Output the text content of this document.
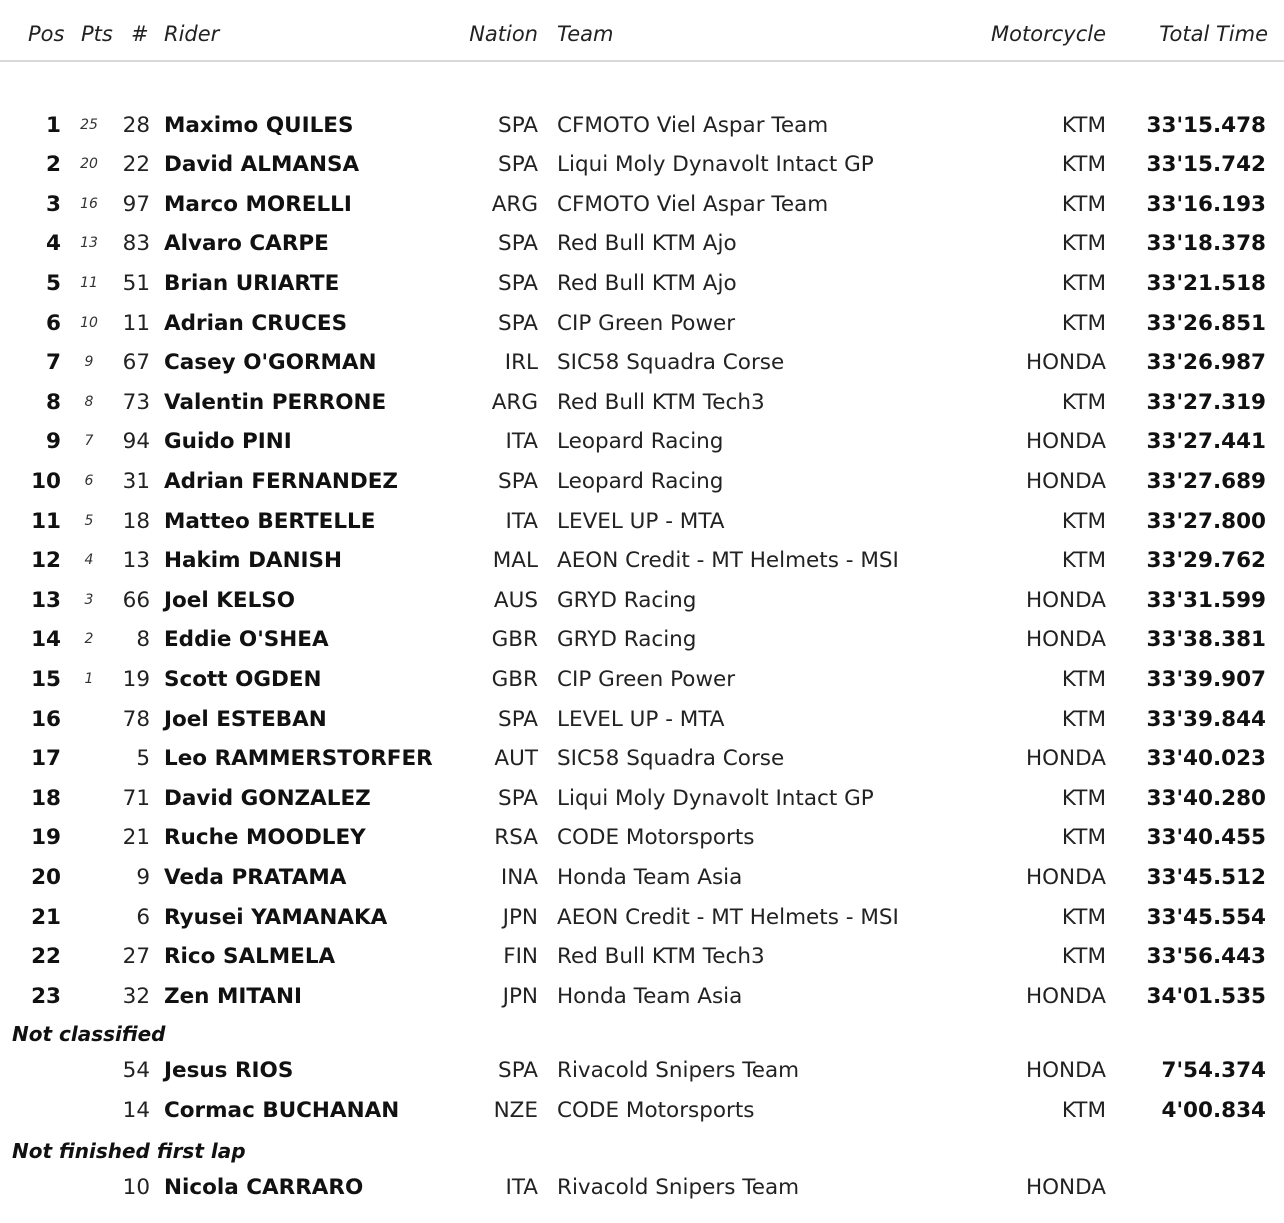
Pos Pts # Rider	Nation Team	Motorcycle	Total Time
1	25	28 Maximo QUILES	SPA CFMOTO Viel Aspar Team	KTM	33'15.478
2	20	22 David ALMANSA	SPA Liqui Moly Dynavolt Intact GP	KTM	33'15.742
3	16	97 Marco MORELLI	ARG CFMOTO Viel Aspar Team	KTM	33'16.193
4	13	83 Alvaro CARPE	SPA Red Bull KTM Ajo	KTM	33'18.378
5	11	51 Brian URIARTE	SPA Red Bull KTM Ajo	KTM	33'21.518
6	10	11 Adrian CRUCES	SPA CIP Green Power	KTM	33'26.851
7	9	67 Casey O'GORMAN	IRL SIC58 Squadra Corse	HONDA	33'26.987
8	8	73 Valentin PERRONE	ARG Red Bull KTM Tech3	KTM	33'27.319
9	7	94 Guido PINI	ITA Leopard Racing	HONDA	33'27.441
10	6	31 Adrian FERNANDEZ	SPA Leopard Racing	HONDA	33'27.689
11	5	18 Matteo BERTELLE	ITA LEVEL UP - MTA	KTM	33'27.800
12	4	13 Hakim DANISH	MAL AEON Credit - MT Helmets - MSI	KTM	33'29.762
13	3	66 Joel KELSO	AUS GRYD Racing	HONDA	33'31.599
14	2	8 Eddie O'SHEA	GBR GRYD Racing	HONDA	33'38.381
15	1	19 Scott OGDEN	GBR CIP Green Power	KTM	33'39.907
16	78 Joel ESTEBAN	SPA LEVEL UP - MTA	KTM	33'39.844
17	5 Leo RAMMERSTORFER	AUT SIC58 Squadra Corse	HONDA	33'40.023
18	71 David GONZALEZ	SPA Liqui Moly Dynavolt Intact GP	KTM	33'40.280
19	21 Ruche MOODLEY	RSA CODE Motorsports	KTM	33'40.455
20	9 Veda PRATAMA	INA Honda Team Asia	HONDA	33'45.512
21	6 Ryusei YAMANAKA	JPN AEON Credit - MT Helmets - MSI	KTM	33'45.554
22	27 Rico SALMELA	FIN Red Bull KTM Tech3	KTM	33'56.443
23	32 Zen MITANI	JPN Honda Team Asia	HONDA	34'01.535
Not classified
54 Jesus RIOS	SPA Rivacold Snipers Team	HONDA	7'54.374
14 Cormac BUCHANAN	NZE CODE Motorsports	KTM	4'00.834
Not finished first lap
10 Nicola CARRARO	ITA Rivacold Snipers Team	HONDA
